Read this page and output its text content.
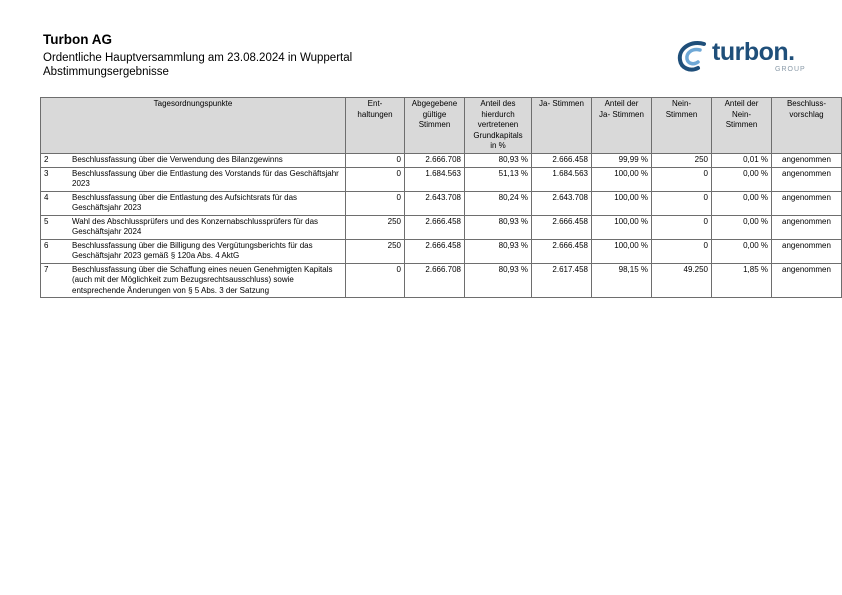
Turbon AG
Ordentliche Hauptversammlung am 23.08.2024 in Wuppertal
Abstimmungsergebnisse
turbon.
GROUP
Tagesordnungspunkte		Ent-
haltungen	Abgegebene
gültige
Stimmen	Anteil des
hierdurch
vertretenen
Grundkapitals
in %	Ja- Stimmen	Anteil der
Ja- Stimmen	Nein-
Stimmen	Anteil der
Nein-
Stimmen	Beschluss-
vorschlag

2	Beschlussfassung über die Verwendung des Bilanzgewinns	0	2.666.708	80,93 %	2.666.458	99,99 %	250	0,01 %	angenommen
3	Beschlussfassung über die Entlastung des Vorstands für das Geschäftsjahr 2023	0	1.684.563	51,13 %	1.684.563	100,00 %	0	0,00 %	angenommen
4	Beschlussfassung über die Entlastung des Aufsichtsrats für das Geschäftsjahr 2023	0	2.643.708	80,24 %	2.643.708	100,00 %	0	0,00 %	angenommen
5	Wahl des Abschlussprüfers und des Konzernabschlussprüfers für das Geschäftsjahr 2024	250	2.666.458	80,93 %	2.666.458	100,00 %	0	0,00 %	angenommen
6	Beschlussfassung über die Billigung des Vergütungsberichts für das Geschäftsjahr 2023 gemäß § 120a Abs. 4 AktG	250	2.666.458	80,93 %	2.666.458	100,00 %	0	0,00 %	angenommen
7	Beschlussfassung über die Schaffung eines neuen Genehmigten Kapitals (auch mit der Möglichkeit zum Bezugsrechtsausschluss) sowie entsprechende Änderungen von § 5 Abs. 3 der Satzung	0	2.666.708	80,93 %	2.617.458	98,15 %	49.250	1,85 %	angenommen
